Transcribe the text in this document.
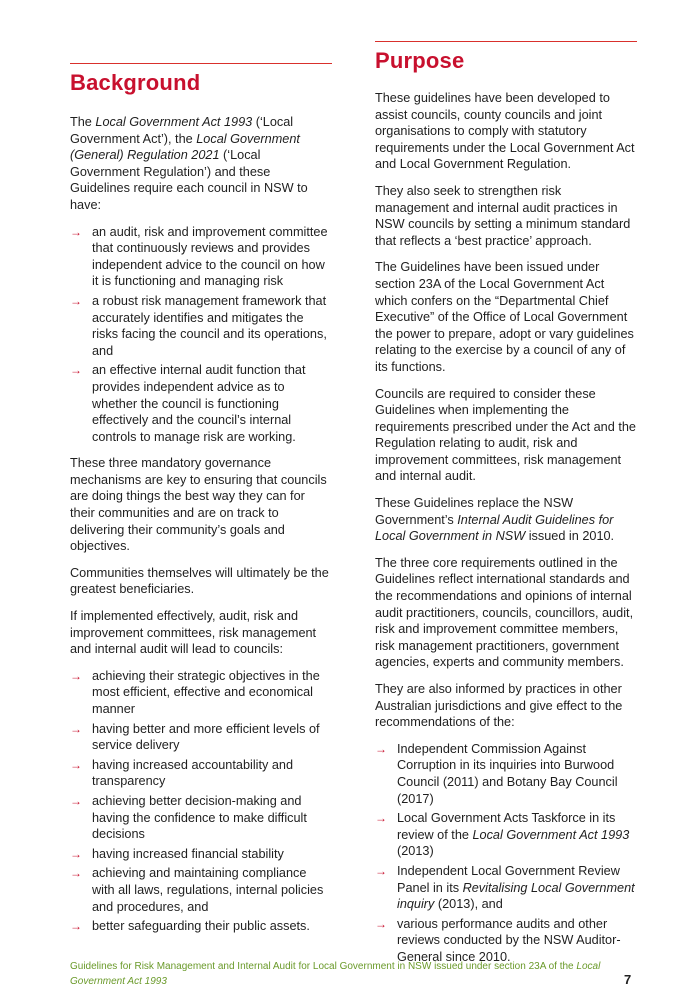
Background

The Local Government Act 1993 (‘Local Government Act’), the Local Government (General) Regulation 2021 (‘Local Government Regulation’) and these Guidelines require each council in NSW to have:

→ an audit, risk and improvement committee that continuously reviews and provides independent advice to the council on how it is functioning and managing risk
→ a robust risk management framework that accurately identifies and mitigates the risks facing the council and its operations, and
→ an effective internal audit function that provides independent advice as to whether the council is functioning effectively and the council’s internal controls to manage risk are working.

These three mandatory governance mechanisms are key to ensuring that councils are doing things the best way they can for their communities and are on track to delivering their community’s goals and objectives.

Communities themselves will ultimately be the greatest beneficiaries.

If implemented effectively, audit, risk and improvement committees, risk management and internal audit will lead to councils:

→ achieving their strategic objectives in the most efficient, effective and economical manner
→ having better and more efficient levels of service delivery
→ having increased accountability and transparency
→ achieving better decision-making and having the confidence to make difficult decisions
→ having increased financial stability
→ achieving and maintaining compliance with all laws, regulations, internal policies and procedures, and
→ better safeguarding their public assets.
Purpose

These guidelines have been developed to assist councils, county councils and joint organisations to comply with statutory requirements under the Local Government Act and Local Government Regulation.

They also seek to strengthen risk management and internal audit practices in NSW councils by setting a minimum standard that reflects a ‘best practice’ approach.

The Guidelines have been issued under section 23A of the Local Government Act which confers on the “Departmental Chief Executive” of the Office of Local Government the power to prepare, adopt or vary guidelines relating to the exercise by a council of any of its functions.

Councils are required to consider these Guidelines when implementing the requirements prescribed under the Act and the Regulation relating to audit, risk and improvement committees, risk management and internal audit.

These Guidelines replace the NSW Government’s Internal Audit Guidelines for Local Government in NSW issued in 2010.

The three core requirements outlined in the Guidelines reflect international standards and the recommendations and opinions of internal audit practitioners, councils, councillors, audit, risk and improvement committee members, risk management practitioners, government agencies, experts and community members.

They are also informed by practices in other Australian jurisdictions and give effect to the recommendations of the:

→ Independent Commission Against Corruption in its inquiries into Burwood Council (2011) and Botany Bay Council (2017)
→ Local Government Acts Taskforce in its review of the Local Government Act 1993 (2013)
→ Independent Local Government Review Panel in its Revitalising Local Government inquiry (2013), and
→ various performance audits and other reviews conducted by the NSW Auditor-General since 2010.
Guidelines for Risk Management and Internal Audit for Local Government in NSW issued under section 23A of the Local Government Act 1993	7
